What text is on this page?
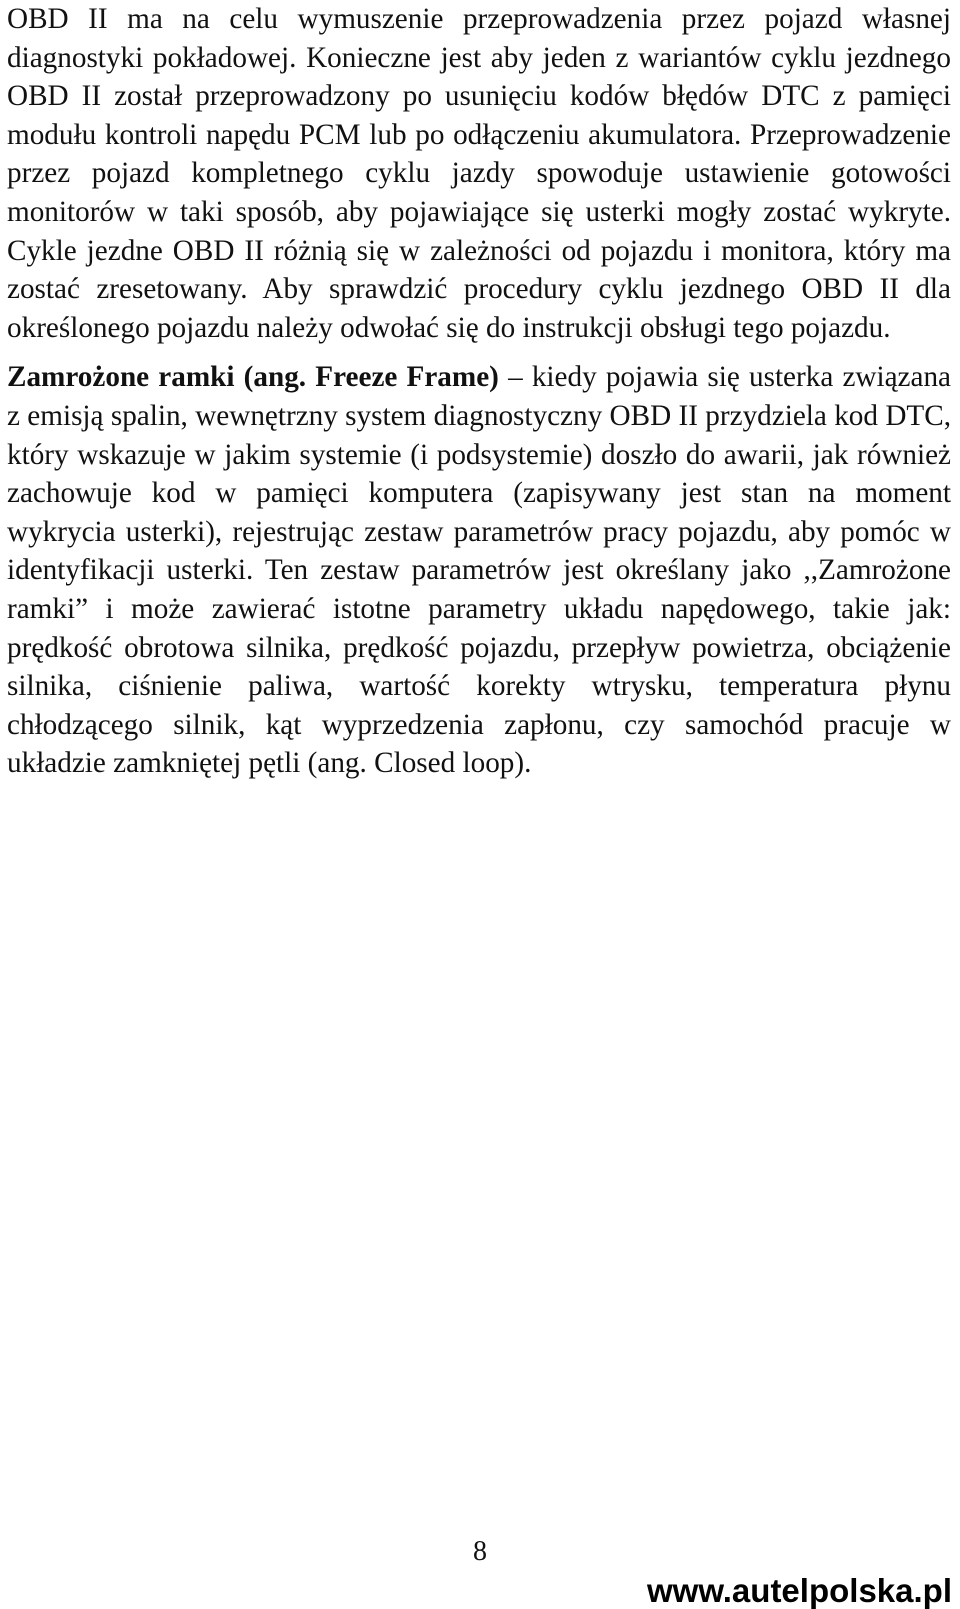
OBD II ma na celu wymuszenie przeprowadzenia przez pojazd własnej diagnostyki pokładowej. Konieczne jest aby jeden z wariantów cyklu jezdnego OBD II został przeprowadzony po usunięciu kodów błędów DTC z pamięci modułu kontroli napędu PCM lub po odłączeniu akumulatora. Przeprowadzenie przez pojazd kompletnego cyklu jazdy spowoduje ustawienie gotowości monitorów w taki sposób, aby pojawiające się usterki mogły zostać wykryte. Cykle jezdne OBD II różnią się w zależności od pojazdu i monitora, który ma zostać zresetowany. Aby sprawdzić procedury cyklu jezdnego OBD II dla określonego pojazdu należy odwołać się do instrukcji obsługi tego pojazdu.

Zamrożone ramki (ang. Freeze Frame) – kiedy pojawia się usterka związana z emisją spalin, wewnętrzny system diagnostyczny OBD II przydziela kod DTC, który wskazuje w jakim systemie (i podsystemie) doszło do awarii, jak również zachowuje kod w pamięci komputera (zapisywany jest stan na moment wykrycia usterki), rejestrując zestaw parametrów pracy pojazdu, aby pomóc w identyfikacji usterki. Ten zestaw parametrów jest określany jako ,,Zamrożone ramki” i może zawierać istotne parametry układu napędowego, takie jak: prędkość obrotowa silnika, prędkość pojazdu, przepływ powietrza, obciążenie silnika, ciśnienie paliwa, wartość korekty wtrysku, temperatura płynu chłodzącego silnik, kąt wyprzedzenia zapłonu, czy samochód pracuje w układzie zamkniętej pętli (ang. Closed loop).

8
www.autelpolska.pl
